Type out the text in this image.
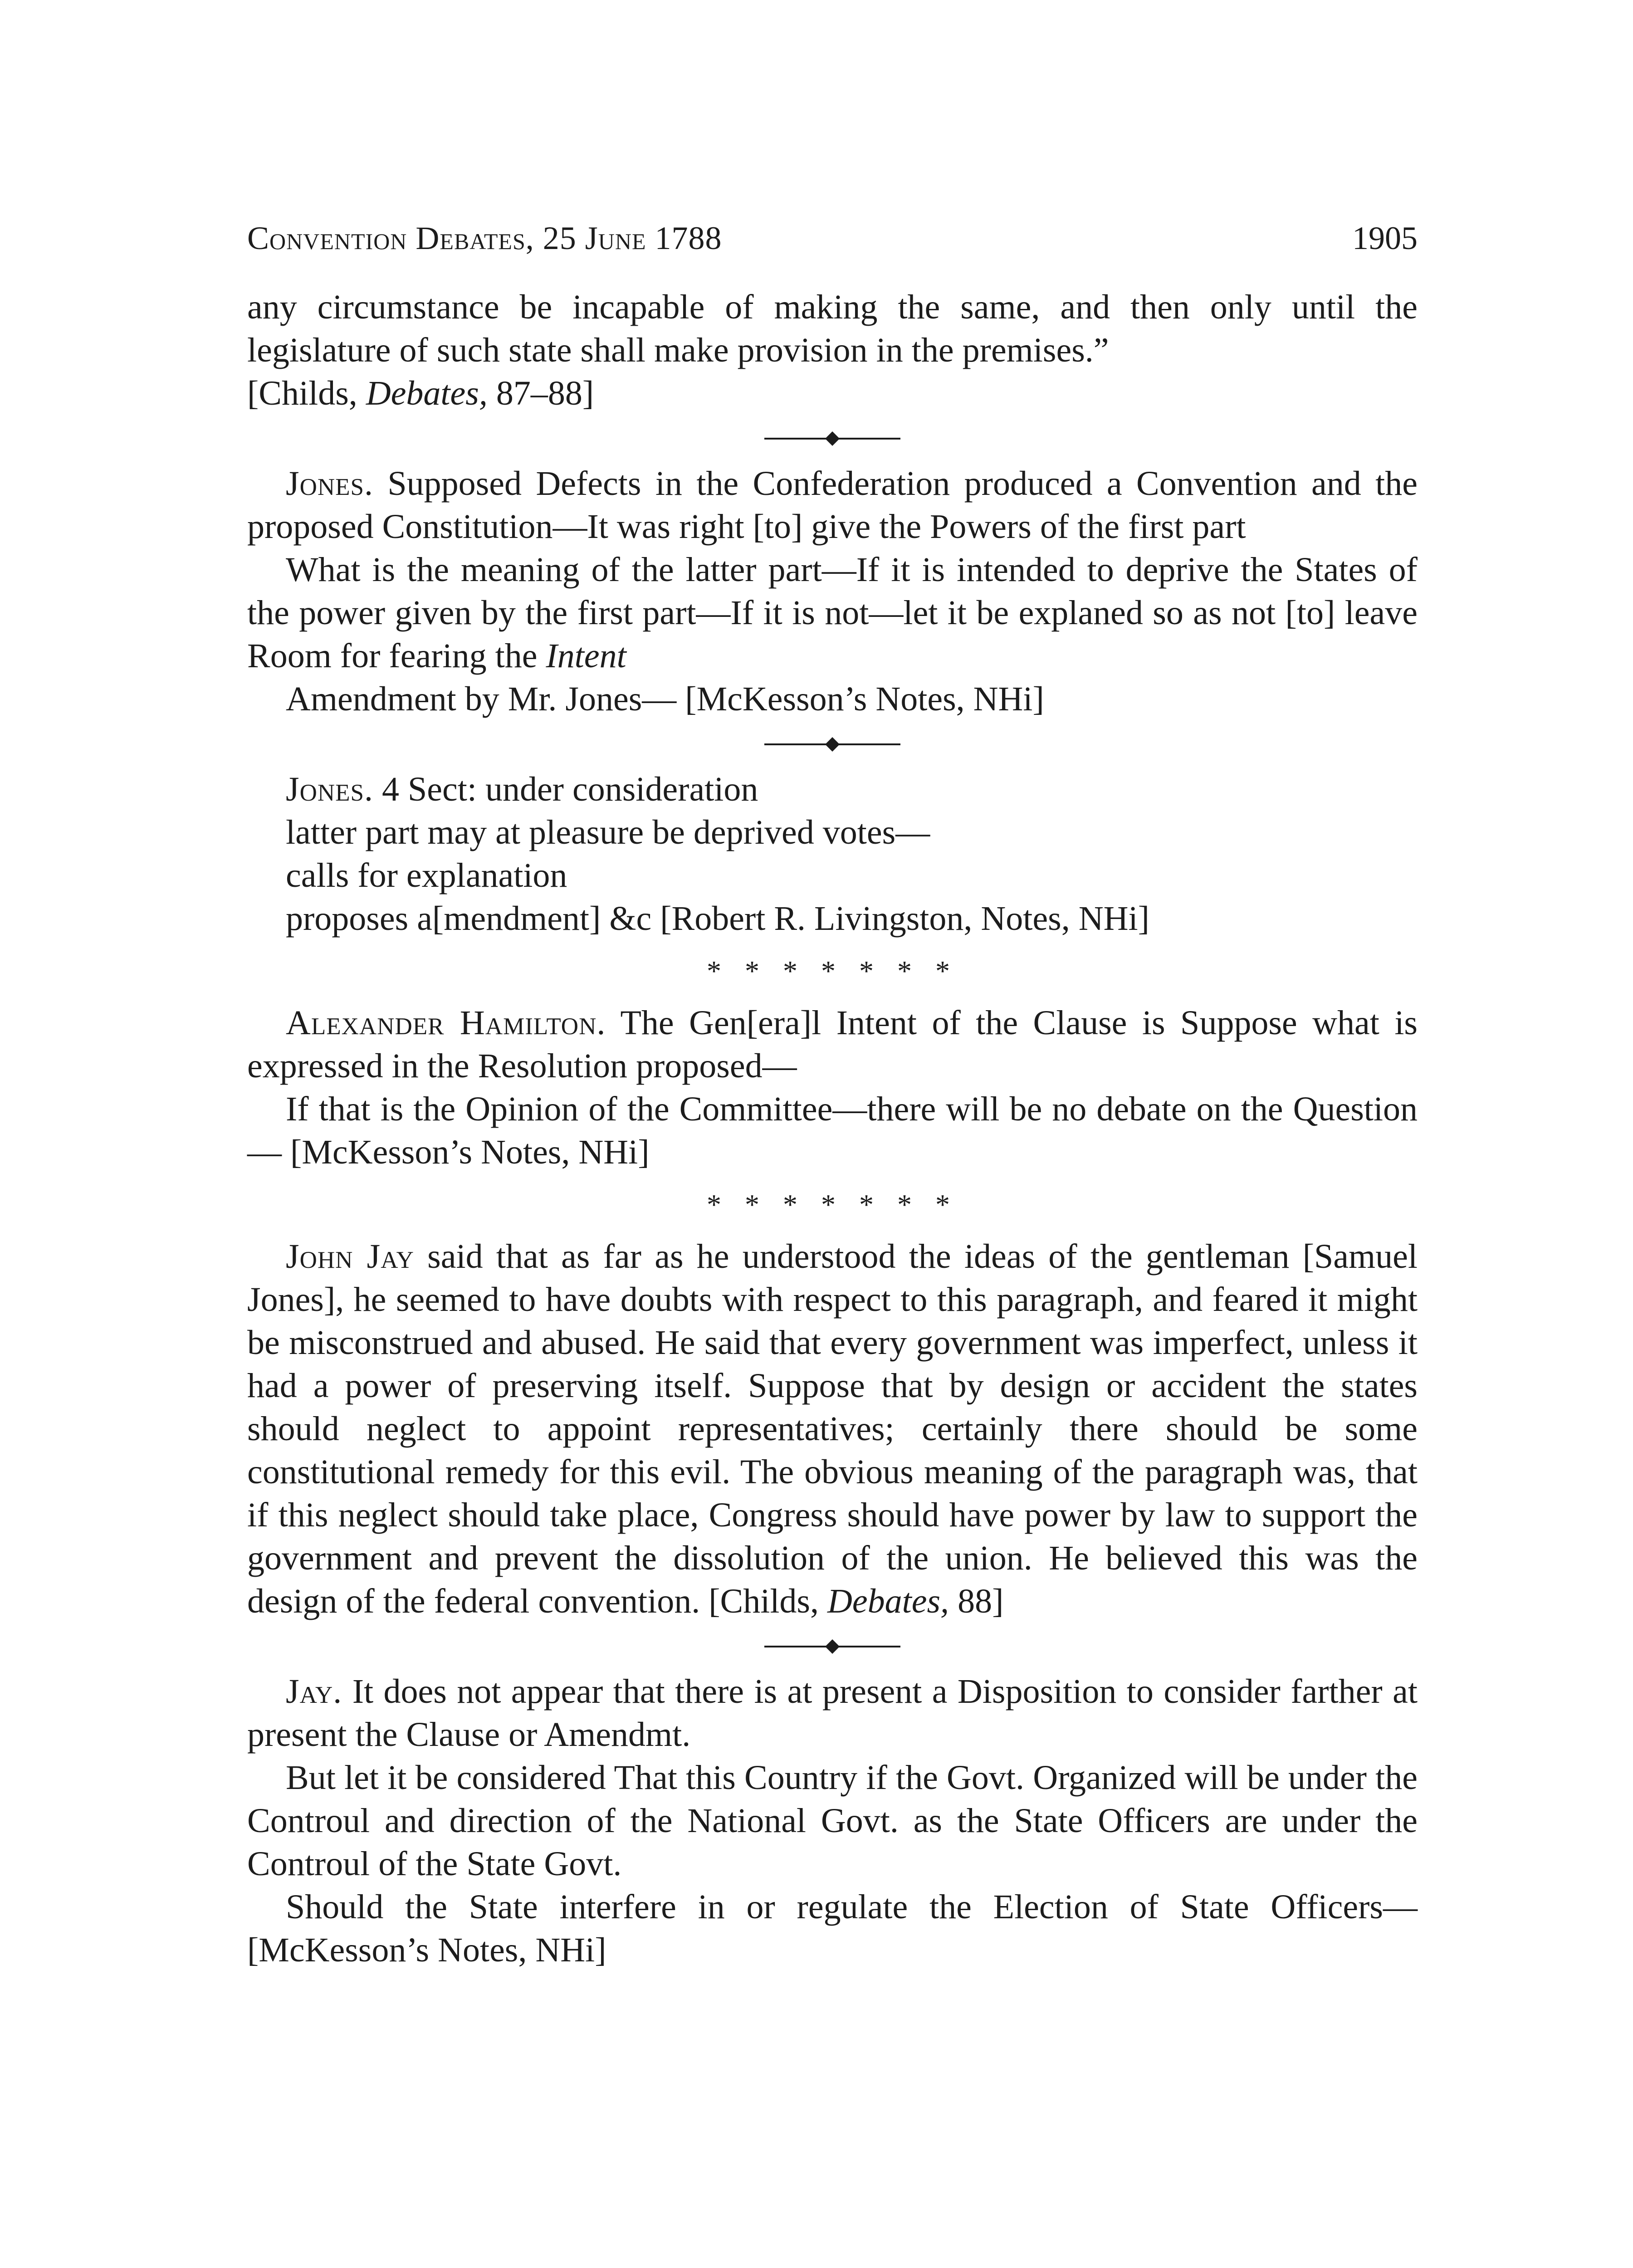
Convention Debates, 25 June 1788	1905

any circumstance be incapable of making the same, and then only until the legislature of such state shall make provision in the premises.”
[Childs, Debates, 87–88]

Jones. Supposed Defects in the Confederation produced a Convention and the proposed Constitution—It was right [to] give the Powers of the first part

What is the meaning of the latter part—If it is intended to deprive the States of the power given by the first part—If it is not—let it be explaned so as not [to] leave Room for fearing the Intent

Amendment by Mr. Jones— [McKesson’s Notes, NHi]

Jones. 4 Sect: under consideration

latter part may at pleasure be deprived votes—

calls for explanation

proposes a[mendment] &c [Robert R. Livingston, Notes, NHi]

* * * * * * *

Alexander Hamilton. The Gen[era]l Intent of the Clause is Suppose what is expressed in the Resolution proposed—

If that is the Opinion of the Committee—there will be no debate on the Question— [McKesson’s Notes, NHi]

* * * * * * *

John Jay said that as far as he understood the ideas of the gentleman [Samuel Jones], he seemed to have doubts with respect to this paragraph, and feared it might be misconstrued and abused. He said that every government was imperfect, unless it had a power of preserving itself. Suppose that by design or accident the states should neglect to appoint representatives; certainly there should be some constitutional remedy for this evil. The obvious meaning of the paragraph was, that if this neglect should take place, Congress should have power by law to support the government and prevent the dissolution of the union. He believed this was the design of the federal convention. [Childs, Debates, 88]

Jay. It does not appear that there is at present a Disposition to consider farther at present the Clause or Amendmt.

But let it be considered That this Country if the Govt. Organized will be under the Controul and direction of the National Govt. as the State Officers are under the Controul of the State Govt.

Should the State interfere in or regulate the Election of State Officers— [McKesson’s Notes, NHi]
